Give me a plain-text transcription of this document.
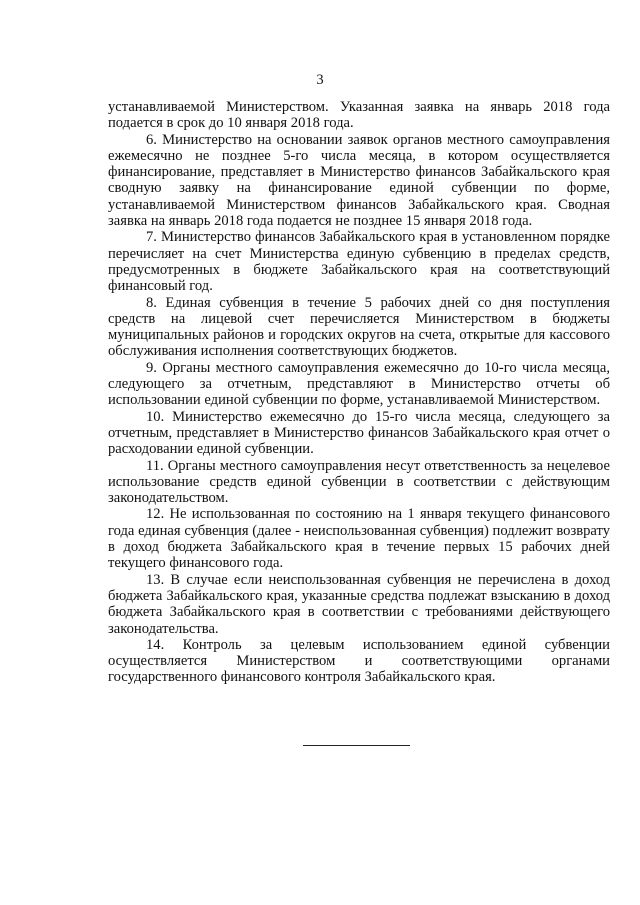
3

устанавливаемой Министерством. Указанная заявка на январь 2018 года подается в срок до 10 января 2018 года.

6. Министерство на основании заявок органов местного самоуправления ежемесячно не позднее 5-го числа месяца, в котором осуществляется финансирование, представляет в Министерство финансов Забайкальского края сводную заявку на финансирование единой субвенции по форме, устанавливаемой Министерством финансов Забайкальского края. Сводная заявка на январь 2018 года подается не позднее 15 января 2018 года.

7. Министерство финансов Забайкальского края в установленном порядке перечисляет на счет Министерства единую субвенцию в пределах средств, предусмотренных в бюджете Забайкальского края на соответствующий финансовый год.

8. Единая субвенция в течение 5 рабочих дней со дня поступления средств на лицевой счет перечисляется Министерством в бюджеты муниципальных районов и городских округов на счета, открытые для кассового обслуживания исполнения соответствующих бюджетов.

9. Органы местного самоуправления ежемесячно до 10-го числа месяца, следующего за отчетным, представляют в Министерство отчеты об использовании единой субвенции по форме, устанавливаемой Министерством.

10. Министерство ежемесячно до 15-го числа месяца, следующего за отчетным, представляет в Министерство финансов Забайкальского края отчет о расходовании единой субвенции.

11. Органы местного самоуправления несут ответственность за нецелевое использование средств единой субвенции в соответствии с действующим законодательством.

12. Не использованная по состоянию на 1 января текущего финансового года единая субвенция (далее - неиспользованная субвенция) подлежит возврату в доход бюджета Забайкальского края в течение первых 15 рабочих дней текущего финансового года.

13. В случае если неиспользованная субвенция не перечислена в доход бюджета Забайкальского края, указанные средства подлежат взысканию в доход бюджета Забайкальского края в соответствии с требованиями действующего законодательства.

14. Контроль за целевым использованием единой субвенции осуществляется Министерством и соответствующими органами государственного финансового контроля Забайкальского края.
